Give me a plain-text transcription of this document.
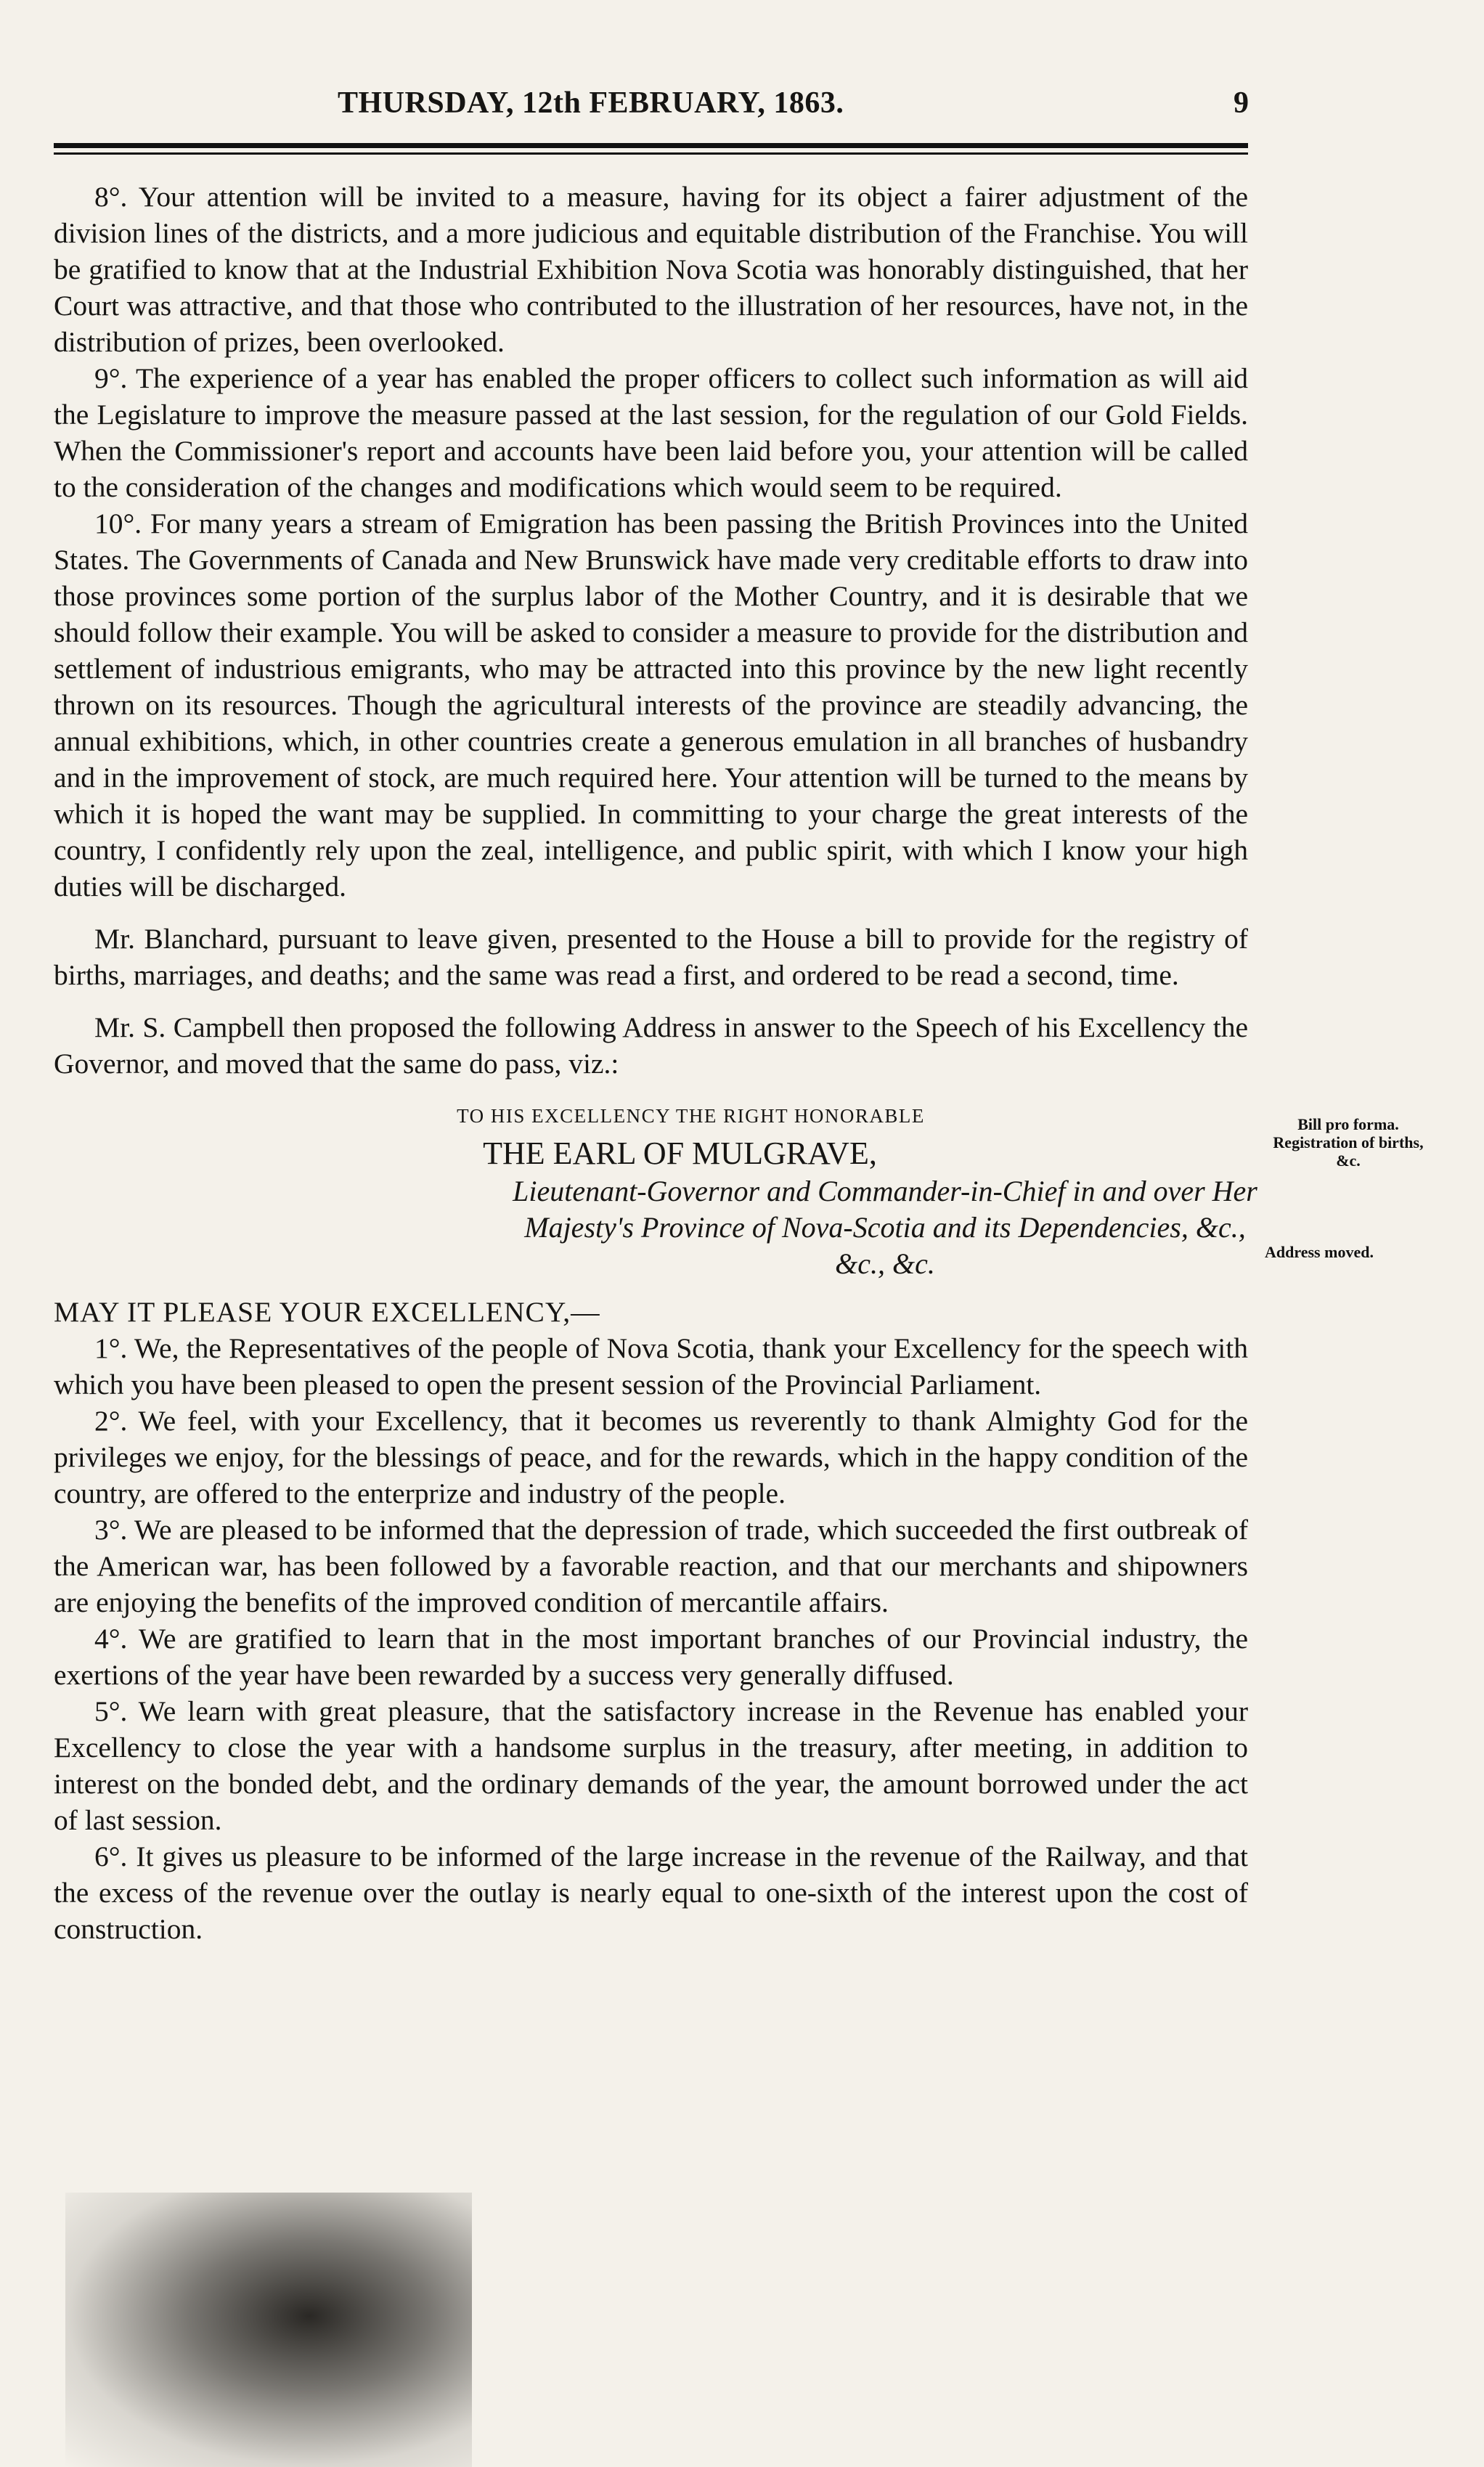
THURSDAY, 12th FEBRUARY, 1863.	9

8°. Your attention will be invited to a measure, having for its object a fairer adjustment of the division lines of the districts, and a more judicious and equitable distribution of the Franchise. You will be gratified to know that at the Industrial Exhibition Nova Scotia was honorably distinguished, that her Court was attractive, and that those who contributed to the illustration of her resources, have not, in the distribution of prizes, been overlooked.

9°. The experience of a year has enabled the proper officers to collect such information as will aid the Legislature to improve the measure passed at the last session, for the regulation of our Gold Fields. When the Commissioner's report and accounts have been laid before you, your attention will be called to the consideration of the changes and modifications which would seem to be required.

10°. For many years a stream of Emigration has been passing the British Provinces into the United States. The Governments of Canada and New Brunswick have made very creditable efforts to draw into those provinces some portion of the surplus labor of the Mother Country, and it is desirable that we should follow their example. You will be asked to consider a measure to provide for the distribution and settlement of industrious emigrants, who may be attracted into this province by the new light recently thrown on its resources. Though the agricultural interests of the province are steadily advancing, the annual exhibitions, which, in other countries create a generous emulation in all branches of husbandry and in the improvement of stock, are much required here. Your attention will be turned to the means by which it is hoped the want may be supplied. In committing to your charge the great interests of the country, I confidently rely upon the zeal, intelligence, and public spirit, with which I know your high duties will be discharged.

Mr. Blanchard, pursuant to leave given, presented to the House a bill to provide for the registry of births, marriages, and deaths; and the same was read a first, and ordered to be read a second, time.

Mr. S. Campbell then proposed the following Address in answer to the Speech of his Excellency the Governor, and moved that the same do pass, viz.:

TO HIS EXCELLENCY THE RIGHT HONORABLE

THE EARL OF MULGRAVE,

Lieutenant-Governor and Commander-in-Chief in and over Her Majesty's Province of Nova-Scotia and its Dependencies, &c., &c., &c.

MAY IT PLEASE YOUR EXCELLENCY,—

1°. We, the Representatives of the people of Nova Scotia, thank your Excellency for the speech with which you have been pleased to open the present session of the Provincial Parliament.

2°. We feel, with your Excellency, that it becomes us reverently to thank Almighty God for the privileges we enjoy, for the blessings of peace, and for the rewards, which in the happy condition of the country, are offered to the enterprize and industry of the people.

3°. We are pleased to be informed that the depression of trade, which succeeded the first outbreak of the American war, has been followed by a favorable reaction, and that our merchants and shipowners are enjoying the benefits of the improved condition of mercantile affairs.

4°. We are gratified to learn that in the most important branches of our Provincial industry, the exertions of the year have been rewarded by a success very generally diffused.

5°. We learn with great pleasure, that the satisfactory increase in the Revenue has enabled your Excellency to close the year with a handsome surplus in the treasury, after meeting, in addition to interest on the bonded debt, and the ordinary demands of the year, the amount borrowed under the act of last session.

6°. It gives us pleasure to be informed of the large increase in the revenue of the Railway, and that the excess of the revenue over the outlay is nearly equal to one-sixth of the interest upon the cost of construction.

Bill pro forma.
Registration of births, &c.
Address moved.
